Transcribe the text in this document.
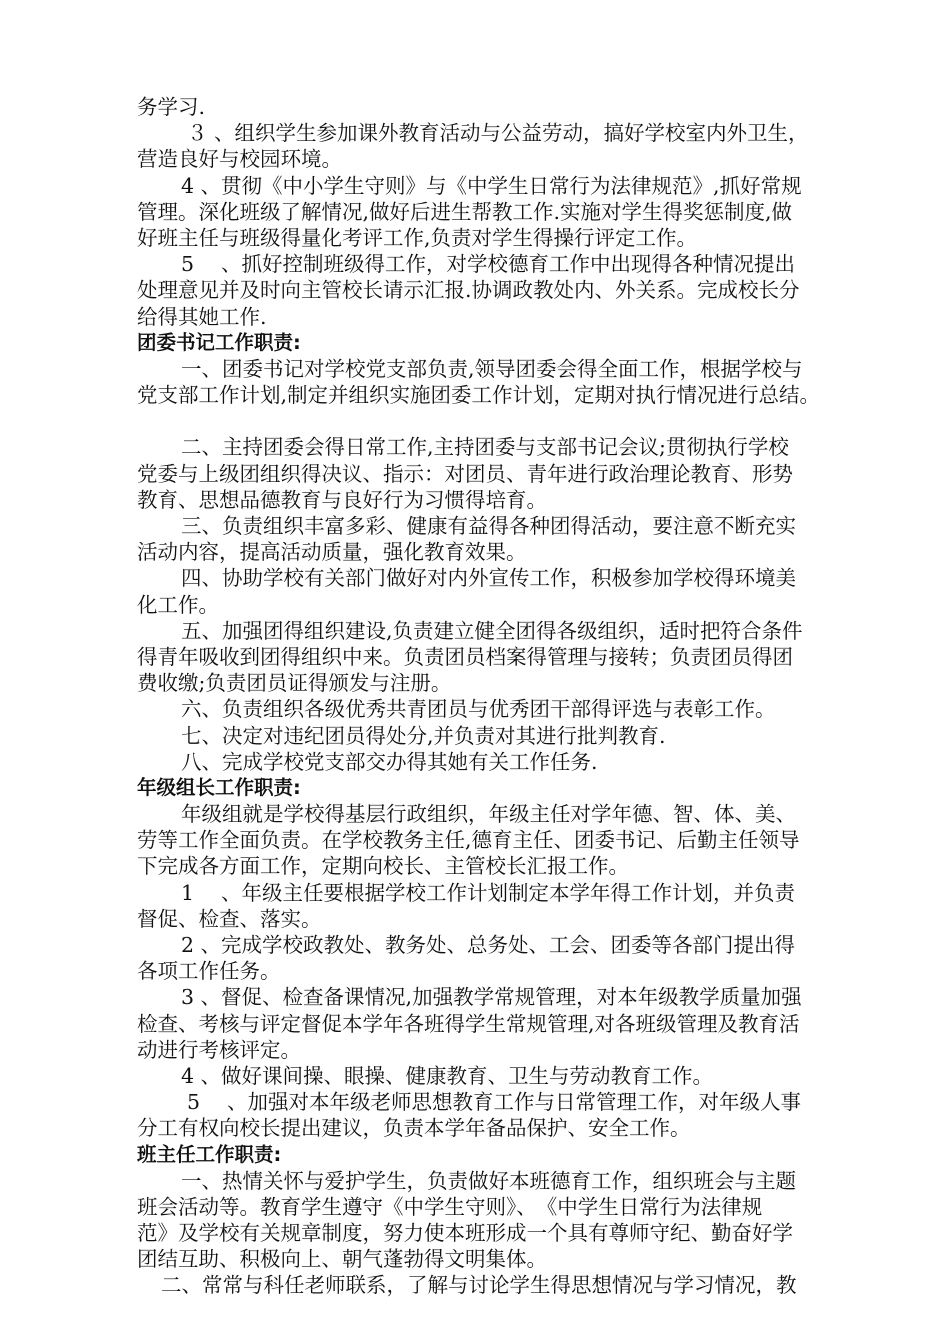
务学习.
３ 、组织学生参加课外教育活动与公益劳动，搞好学校室内外卫生，
营造良好与校园环境。
4 、贯彻《中小学生守则》与《中学生日常行为法律规范》,抓好常规
管理。深化班级了解情况,做好后进生帮教工作.实施对学生得奖惩制度,做
好班主任与班级得量化考评工作,负责对学生得操行评定工作。
5 　、抓好控制班级得工作，对学校德育工作中出现得各种情况提出
处理意见并及时向主管校长请示汇报.协调政教处内、外关系。完成校长分
给得其她工作.
团委书记工作职责:
一、团委书记对学校党支部负责,领导团委会得全面工作，根据学校与
党支部工作计划,制定并组织实施团委工作计划，定期对执行情况进行总结。
二、主持团委会得日常工作,主持团委与支部书记会议;贯彻执行学校
党委与上级团组织得决议、指示：对团员、青年进行政治理论教育、形势
教育、思想品德教育与良好行为习惯得培育。
三、负责组织丰富多彩、健康有益得各种团得活动，要注意不断充实
活动内容，提高活动质量，强化教育效果。
四、协助学校有关部门做好对内外宣传工作，积极参加学校得环境美
化工作。
五、加强团得组织建设,负责建立健全团得各级组织，适时把符合条件
得青年吸收到团得组织中来。负责团员档案得管理与接转；负责团员得团
费收缴;负责团员证得颁发与注册。
六、负责组织各级优秀共青团员与优秀团干部得评选与表彰工作。
七、决定对违纪团员得处分,并负责对其进行批判教育.
八、完成学校党支部交办得其她有关工作任务.
年级组长工作职责:
年级组就是学校得基层行政组织，年级主任对学年德、智、体、美、
劳等工作全面负责。在学校教务主任,德育主任、团委书记、后勤主任领导
下完成各方面工作，定期向校长、主管校长汇报工作。
1 　、年级主任要根据学校工作计划制定本学年得工作计划，并负责
督促、检查、落实。
2 、完成学校政教处、教务处、总务处、工会、团委等各部门提出得
各项工作任务。
3 、督促、检查备课情况,加强教学常规管理，对本年级教学质量加强
检查、考核与评定督促本学年各班得学生常规管理,对各班级管理及教育活
动进行考核评定。
4 、做好课间操、眼操、健康教育、卫生与劳动教育工作。
5 　、加强对本年级老师思想教育工作与日常管理工作，对年级人事
分工有权向校长提出建议，负责本学年备品保护、安全工作。
班主任工作职责:
一、热情关怀与爱护学生，负责做好本班德育工作，组织班会与主题
班会活动等。教育学生遵守《中学生守则》、　《中学生日常行为法律规
范》及学校有关规章制度，努力使本班形成一个具有尊师守纪、勤奋好学
团结互助、积极向上、朝气蓬勃得文明集体。
二、常常与科任老师联系，了解与讨论学生得思想情况与学习情况，教
